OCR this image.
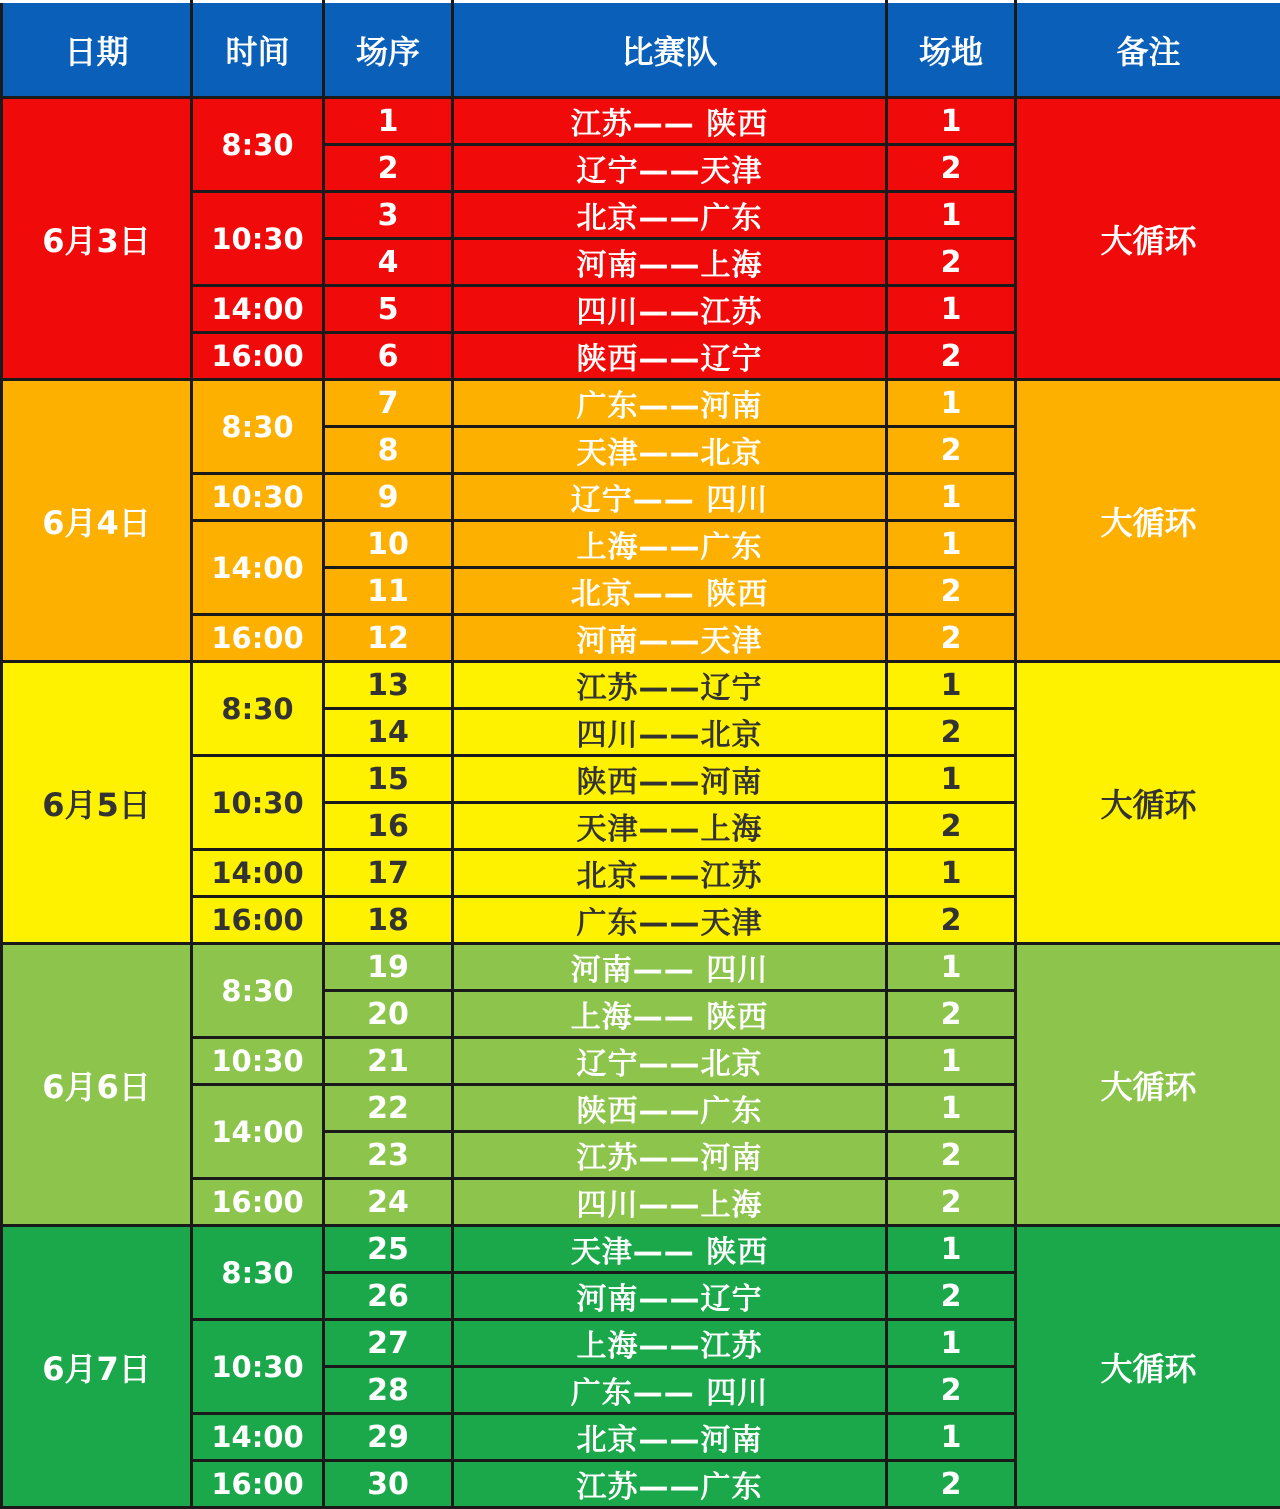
日期	时间	场序	比赛队	场地	备注
6月3日	8:30	1	江苏—— 陕西	1	大循环
		2	辽宁——天津	2	
	10:30	3	北京——广东	1	
		4	河南——上海	2	
	14:00	5	四川——江苏	1	
	16:00	6	陕西——辽宁	2	
6月4日	8:30	7	广东——河南	1	大循环
		8	天津——北京	2	
	10:30	9	辽宁—— 四川	1	
	14:00	10	上海——广东	1	
		11	北京—— 陕西	2	
	16:00	12	河南——天津	2	
6月5日	8:30	13	江苏——辽宁	1	大循环
		14	四川——北京	2	
	10:30	15	陕西——河南	1	
		16	天津——上海	2	
	14:00	17	北京——江苏	1	
	16:00	18	广东——天津	2	
6月6日	8:30	19	河南—— 四川	1	大循环
		20	上海—— 陕西	2	
	10:30	21	辽宁——北京	1	
	14:00	22	陕西——广东	1	
		23	江苏——河南	2	
	16:00	24	四川——上海	2	
6月7日	8:30	25	天津—— 陕西	1	大循环
		26	河南——辽宁	2	
	10:30	27	上海——江苏	1	
		28	广东—— 四川	2	
	14:00	29	北京——河南	1	
	16:00	30	江苏——广东	2	
